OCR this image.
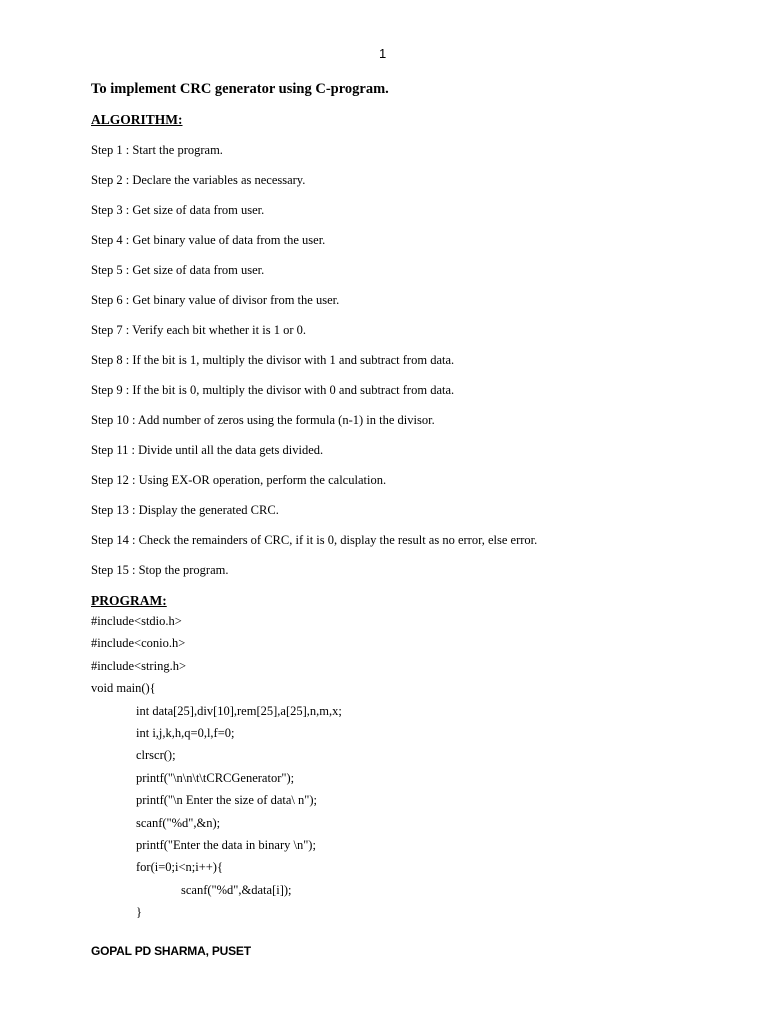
1
To implement CRC generator using C-program.
ALGORITHM:
Step 1 : Start the program.
Step 2 : Declare the variables as necessary.
Step 3 : Get size of data from user.
Step 4 : Get binary value of data from the user.
Step 5 : Get size of data from user.
Step 6 : Get binary value of divisor from the user.
Step 7 : Verify each bit whether it is 1 or 0.
Step 8 : If the bit is 1, multiply the divisor with 1 and subtract from data.
Step 9 : If the bit is 0, multiply the divisor with 0 and subtract from data.
Step 10 : Add number of zeros using the formula (n-1) in the divisor.
Step 11 : Divide until all the data gets divided.
Step 12 : Using EX-OR operation, perform the calculation.
Step 13 : Display the generated CRC.
Step 14 : Check the remainders of CRC, if it is 0, display the result as no error, else error.
Step 15 : Stop the program.
PROGRAM:
#include<stdio.h>
#include<conio.h>
#include<string.h>
void main(){
int data[25],div[10],rem[25],a[25],n,m,x;
int i,j,k,h,q=0,l,f=0;
clrscr();
printf("\n\n\t\tCRCGenerator");
printf("\n Enter the size of data\ n");
scanf("%d",&n);
printf("Enter the data in binary \n");
for(i=0;i<n;i++){
scanf("%d",&data[i]);
}
GOPAL PD SHARMA, PUSET
